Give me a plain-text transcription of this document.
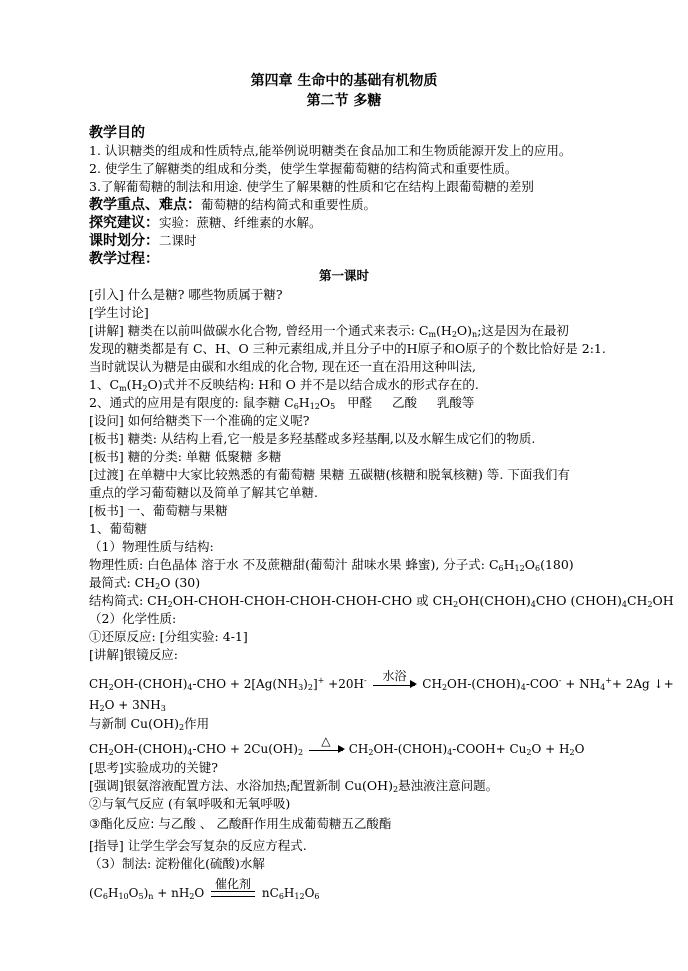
第四章 生命中的基础有机物质
第二节 多糖
教学目的
1. 认识糖类的组成和性质特点,能举例说明糖类在食品加工和生物质能源开发上的应用。
2. 使学生了解糖类的组成和分类，使学生掌握葡萄糖的结构简式和重要性质。
3.了解葡萄糖的制法和用途. 使学生了解果糖的性质和它在结构上跟葡萄糖的差别
教学重点、难点：葡萄糖的结构简式和重要性质。
探究建议：实验：蔗糖、纤维素的水解。
课时划分：二课时
教学过程：
第一课时
[引入] 什么是糖? 哪些物质属于糖?
[学生讨论]
[讲解] 糖类在以前叫做碳水化合物, 曾经用一个通式来表示: $C_m(H_2O)_n$;这是因为在最初
发现的糖类都是有 C、H、O 三种元素组成,并且分子中的H原子和O原子的个数比恰好是 2:1.
当时就误认为糖是由碳和水组成的化合物, 现在还一直在沿用这种叫法,
1、$C_m(H_2O)$式并不反映结构: H和 O 并不是以结合成水的形式存在的.
2、通式的应用是有限度的: 鼠李糖 $C_6H_{12}O_5$   甲醛     乙酸     乳酸等
[设问] 如何给糖类下一个准确的定义呢?
[板书] 糖类: 从结构上看,它一般是多羟基醛或多羟基酮,以及水解生成它们的物质.
[板书] 糖的分类: 单糖 低聚糖 多糖
[过渡] 在单糖中大家比较熟悉的有葡萄糖 果糖 五碳糖(核糖和脱氧核糖) 等. 下面我们有
重点的学习葡萄糖以及简单了解其它单糖.
[板书] 一、葡萄糖与果糖
1、葡萄糖
（1）物理性质与结构:
物理性质: 白色晶体 溶于水 不及蔗糖甜(葡萄汁 甜味水果 蜂蜜), 分子式: $C_6H_{12}O_6(180)$
最简式: $CH_2O$ (30)
结构简式: $CH_2OH-CHOH-CHOH-CHOH-CHOH$-CHO 或 $CH_2OH(CHOH)_4CHO$ $(CHOH)_4CH_2OH$
（2）化学性质:
①还原反应: [分组实验: 4-1]
[讲解]银镜反应:
$CH_2OH-(CHOH)_4$-CHO + $2[Ag(NH_3)_2]^+ +20H^-$	水浴
$CH_2OH-(CHOH)_4-COO^- + NH_4^++ 2Ag$ ↓+
$H_2O + 3NH_3$
与新制 $Cu(OH)_2$作用
$CH_2OH-(CHOH)_4$-CHO + $2Cu(OH)_2$
△
$CH_2OH-(CHOH)_4-COOH+ Cu_2O + H_2O$
[思考]实验成功的关键?
[强调]银氨溶液配置方法、水浴加热;配置新制 $Cu(OH)_2$悬浊液注意问题。
②与氧气反应 (有氧呼吸和无氧呼吸)
③酯化反应: 与乙酸 、 乙酸酐作用生成葡萄糖五乙酸酯
[指导] 让学生学会写复杂的反应方程式.
（3）制法: 淀粉催化(硫酸)水解
$(C_6H_{10}O_5)_n + nH_2O$
催化剂
$nC_6H_{12}O_6$
